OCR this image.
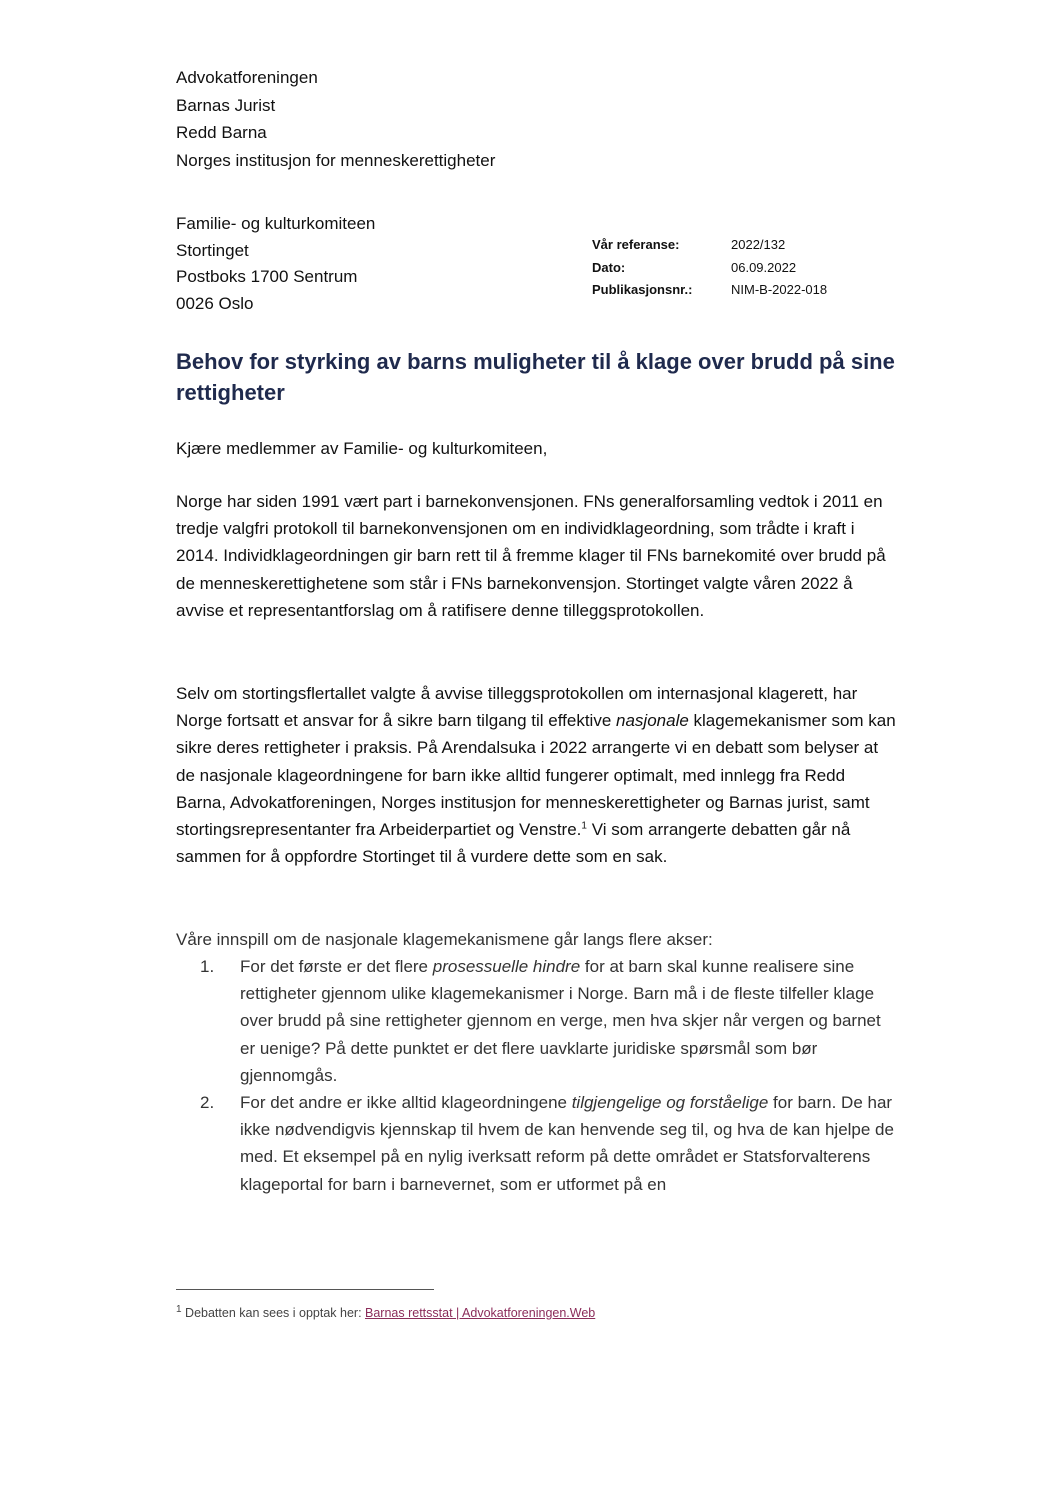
Advokatforeningen
Barnas Jurist
Redd Barna
Norges institusjon for menneskerettigheter
Familie- og kulturkomiteen
Stortinget
Postboks 1700 Sentrum
0026 Oslo
Vår referanse:	2022/132
Dato:	06.09.2022
Publikasjonsnr.:	NIM-B-2022-018
Behov for styrking av barns muligheter til å klage over brudd på sine rettigheter

Kjære medlemmer av Familie- og kulturkomiteen,

Norge har siden 1991 vært part i barnekonvensjonen. FNs generalforsamling vedtok i 2011 en tredje valgfri protokoll til barnekonvensjonen om en individklageordning, som trådte i kraft i 2014. Individklageordningen gir barn rett til å fremme klager til FNs barnekomité over brudd på de menneskerettighetene som står i FNs barnekonvensjon. Stortinget valgte våren 2022 å avvise et representantforslag om å ratifisere denne tilleggsprotokollen.

Selv om stortingsflertallet valgte å avvise tilleggsprotokollen om internasjonal klagerett, har Norge fortsatt et ansvar for å sikre barn tilgang til effektive nasjonale klagemekanismer som kan sikre deres rettigheter i praksis. På Arendalsuka i 2022 arrangerte vi en debatt som belyser at de nasjonale klageordningene for barn ikke alltid fungerer optimalt, med innlegg fra Redd Barna, Advokatforeningen, Norges institusjon for menneskerettigheter og Barnas jurist, samt stortingsrepresentanter fra Arbeiderpartiet og Venstre.$^1$ Vi som arrangerte debatten går nå sammen for å oppfordre Stortinget til å vurdere dette som en sak.

Våre innspill om de nasjonale klagemekanismene går langs flere akser:

1.	For det første er det flere prosessuelle hindre for at barn skal kunne realisere sine rettigheter gjennom ulike klagemekanismer i Norge. Barn må i de fleste tilfeller klage over brudd på sine rettigheter gjennom en verge, men hva skjer når vergen og barnet er uenige? På dette punktet er det flere uavklarte juridiske spørsmål som bør gjennomgås.
2.	For det andre er ikke alltid klageordningene tilgjengelige og forståelige for barn. De har ikke nødvendigvis kjennskap til hvem de kan henvende seg til, og hva de kan hjelpe de med. Et eksempel på en nylig iverksatt reform på dette området er Statsforvalterens klageportal for barn i barnevernet, som er utformet på en
$^1$ Debatten kan sees i opptak her: Barnas rettsstat | Advokatforeningen.Web
